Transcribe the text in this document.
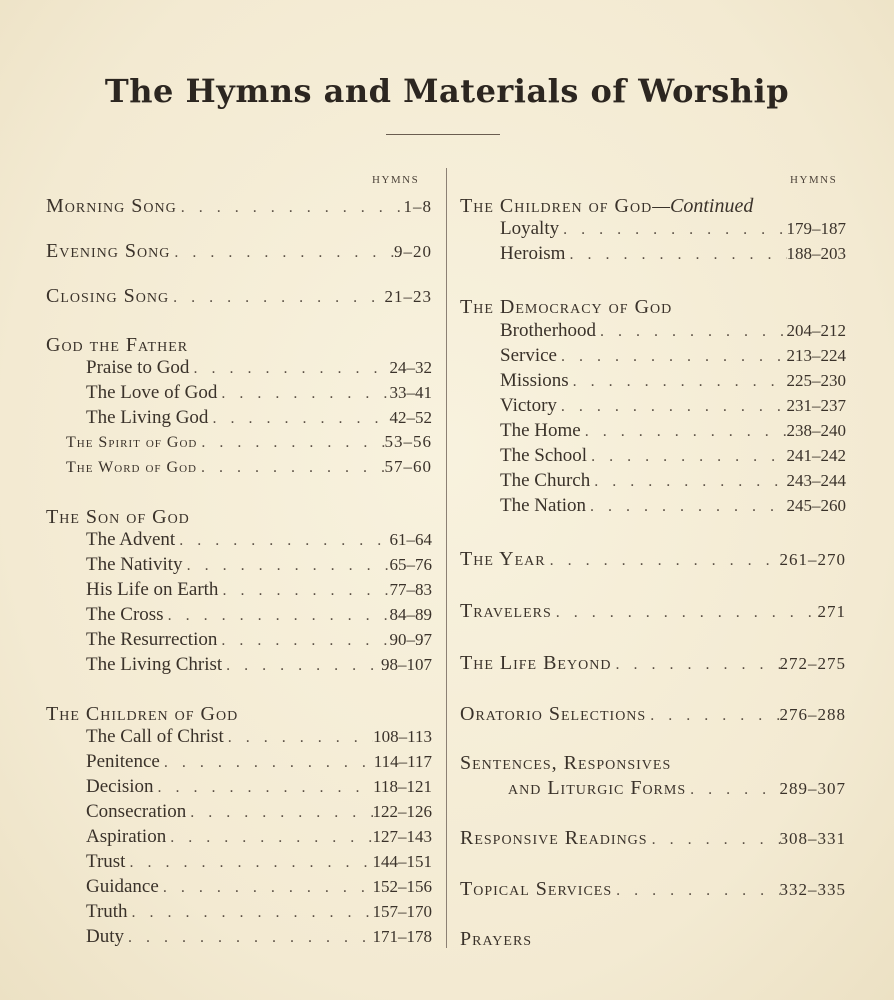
The Hymns and Materials of Worship
HYMNS
Morning Song . . .	1–8
Evening Song . . .	9–20
Closing Song . . .	21–23
God the Father
Praise to God . . .	24–32
The Love of God . . .	33–41
The Living God . . .	42–52
The Spirit of God . . .	53–56
The Word of God . . .	57–60
The Son of God
The Advent . . .	61–64
The Nativity . . .	65–76
His Life on Earth . . .	77–83
The Cross . . .	84–89
The Resurrection . . .	90–97
The Living Christ . . .	98–107
The Children of God
The Call of Christ . . .	108–113
Penitence . . .	114–117
Decision . . .	118–121
Consecration . . .	122–126
Aspiration . . .	127–143
Trust . . .	144–151
Guidance . . .	152–156
Truth . . .	157–170
Duty . . .	171–178
HYMNS
The Children of God—Continued
Loyalty . . .	179–187
Heroism . . .	188–203
The Democracy of God
Brotherhood . . .	204–212
Service . . .	213–224
Missions . . .	225–230
Victory . . .	231–237
The Home . . .	238–240
The School . . .	241–242
The Church . . .	243–244
The Nation . . .	245–260
The Year . . .	261–270
Travelers . . .	271
The Life Beyond . . .	272–275
Oratorio Selections . . .	276–288
Sentences, Responsives
and Liturgic Forms . . .	289–307
Responsive Readings . . .	308–331
Topical Services . . .	332–335
Prayers
